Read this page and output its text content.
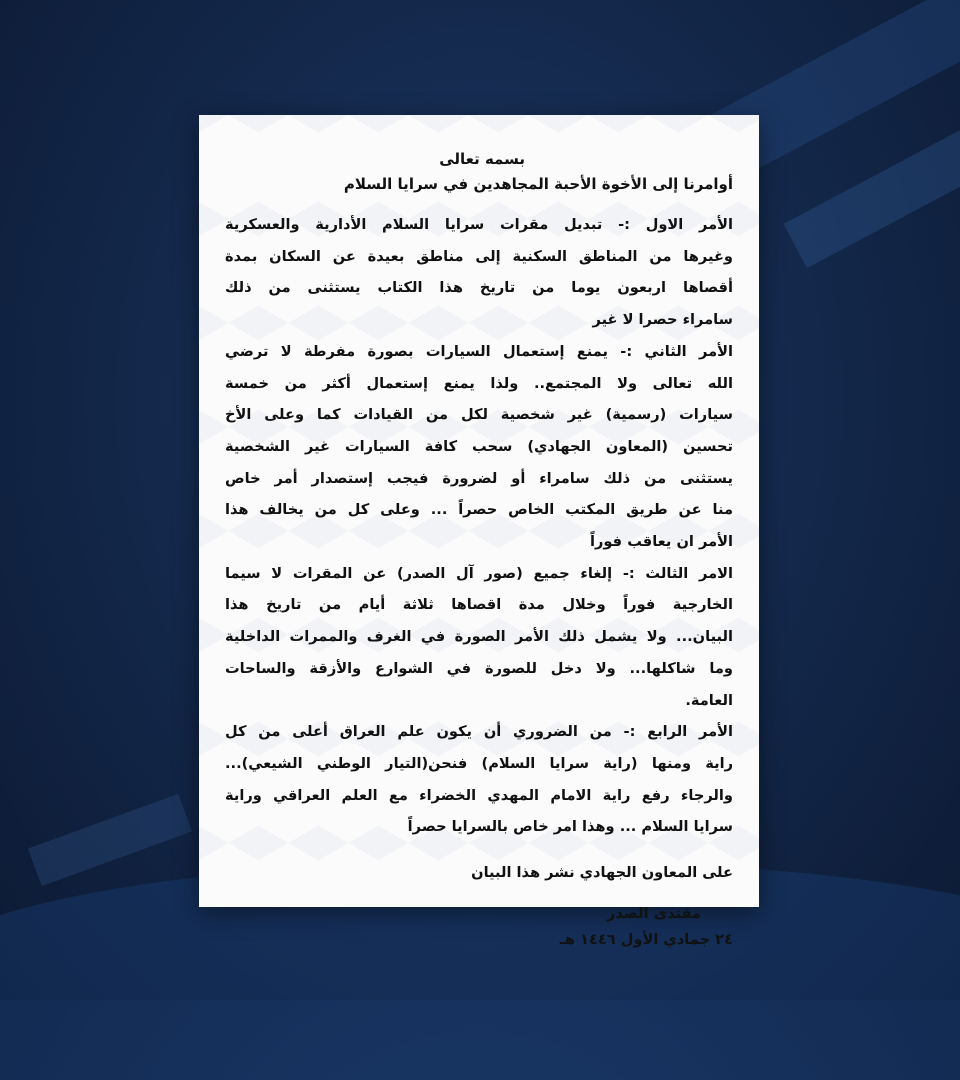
بسمه تعالى
أوامرنا إلى الأخوة الأحبة المجاهدين في سرايا السلام
الأمر الاول :- تبديل مقرات سرايا السلام الأدارية والعسكرية
وغيرها من المناطق السكنية إلى مناطق بعيدة عن السكان بمدة
أقصاها اربعون يوما من تاريخ هذا الكتاب يستثنى من ذلك
سامراء حصرا لا غير
الأمر الثاني :- يمنع إستعمال السيارات بصورة مفرطة لا ترضي
الله تعالى ولا المجتمع.. ولذا يمنع إستعمال أكثر من خمسة
سيارات (رسمية) غير شخصية لكل من القيادات كما وعلى الأخ
تحسين (المعاون الجهادي) سحب كافة السيارات غير الشخصية
يستثنى من ذلك سامراء أو لضرورة فيجب إستصدار أمر خاص
منا عن طريق المكتب الخاص حصراً ... وعلى كل من يخالف هذا
الأمر ان يعاقب فوراً
الامر الثالث :- إلغاء جميع (صور آل الصدر) عن المقرات لا سيما
الخارجية فوراً وخلال مدة اقصاها ثلاثة أيام من تاريخ هذا
البيان... ولا يشمل ذلك الأمر الصورة في الغرف والممرات الداخلية
وما شاكلها... ولا دخل للصورة في الشوارع والأزقة والساحات
العامة.
الأمر الرابع :- من الضروري أن يكون علم العراق أعلى من كل
راية ومنها (راية سرايا السلام) فنحن(التيار الوطني الشيعي)...
والرجاء رفع راية الامام المهدي الخضراء مع العلم العراقي وراية
سرايا السلام ... وهذا امر خاص بالسرايا حصراً
على المعاون الجهادي نشر هذا البيان
مقتدى الصدر
٢٤ جمادي الأول ١٤٤٦ هـ
